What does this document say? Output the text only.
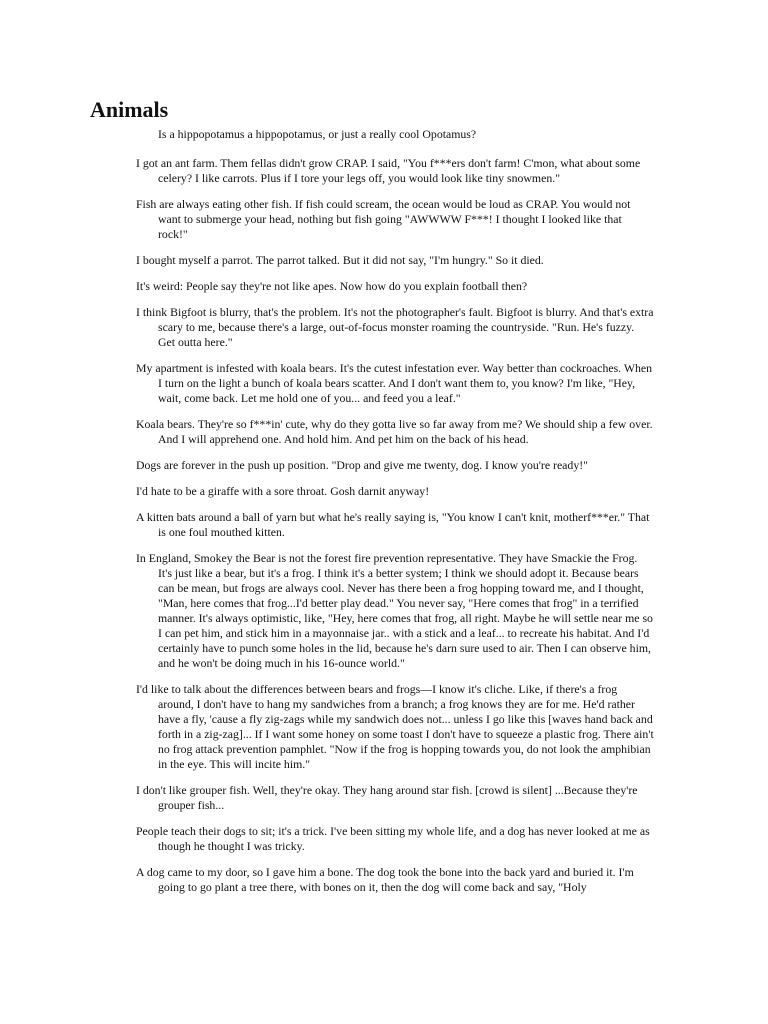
Animals

Is a hippopotamus a hippopotamus, or just a really cool Opotamus?

I got an ant farm. Them fellas didn't grow CRAP. I said, "You f***ers don't farm! C'mon, what about some celery? I like carrots. Plus if I tore your legs off, you would look like tiny snowmen."

Fish are always eating other fish. If fish could scream, the ocean would be loud as CRAP. You would not want to submerge your head, nothing but fish going "AWWWW F***! I thought I looked like that rock!"

I bought myself a parrot. The parrot talked. But it did not say, "I'm hungry." So it died.

It's weird: People say they're not like apes. Now how do you explain football then?

I think Bigfoot is blurry, that's the problem. It's not the photographer's fault. Bigfoot is blurry. And that's extra scary to me, because there's a large, out-of-focus monster roaming the countryside. "Run. He's fuzzy. Get outta here."

My apartment is infested with koala bears. It's the cutest infestation ever. Way better than cockroaches. When I turn on the light a bunch of koala bears scatter. And I don't want them to, you know? I'm like, "Hey, wait, come back. Let me hold one of you... and feed you a leaf."

Koala bears. They're so f***in' cute, why do they gotta live so far away from me? We should ship a few over. And I will apprehend one. And hold him. And pet him on the back of his head.

Dogs are forever in the push up position. "Drop and give me twenty, dog. I know you're ready!"

I'd hate to be a giraffe with a sore throat. Gosh darnit anyway!

A kitten bats around a ball of yarn but what he's really saying is, "You know I can't knit, motherf***er." That is one foul mouthed kitten.

In England, Smokey the Bear is not the forest fire prevention representative. They have Smackie the Frog. It's just like a bear, but it's a frog. I think it's a better system; I think we should adopt it. Because bears can be mean, but frogs are always cool. Never has there been a frog hopping toward me, and I thought, "Man, here comes that frog...I'd better play dead." You never say, "Here comes that frog" in a terrified manner. It's always optimistic, like, "Hey, here comes that frog, all right. Maybe he will settle near me so I can pet him, and stick him in a mayonnaise jar.. with a stick and a leaf... to recreate his habitat. And I'd certainly have to punch some holes in the lid, because he's darn sure used to air. Then I can observe him, and he won't be doing much in his 16-ounce world."

I'd like to talk about the differences between bears and frogs—I know it's cliche. Like, if there's a frog around, I don't have to hang my sandwiches from a branch; a frog knows they are for me. He'd rather have a fly, 'cause a fly zig-zags while my sandwich does not... unless I go like this [waves hand back and forth in a zig-zag]... If I want some honey on some toast I don't have to squeeze a plastic frog. There ain't no frog attack prevention pamphlet. "Now if the frog is hopping towards you, do not look the amphibian in the eye. This will incite him."

I don't like grouper fish. Well, they're okay. They hang around star fish. [crowd is silent] ...Because they're grouper fish...

People teach their dogs to sit; it's a trick. I've been sitting my whole life, and a dog has never looked at me as though he thought I was tricky.

A dog came to my door, so I gave him a bone. The dog took the bone into the back yard and buried it. I'm going to go plant a tree there, with bones on it, then the dog will come back and say, "Holy
